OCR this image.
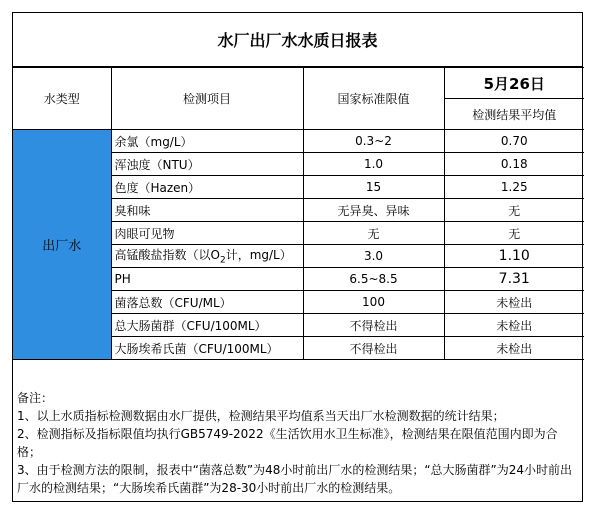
水厂出厂水水质日报表
水类型	检测项目	国家标准限值	5月26日
			检测结果平均值
出厂水	余氯（mg/L）	0.3~2	0.70
	浑浊度（NTU）	1.0	0.18
	色度（Hazen）	15	1.25
	臭和味	无异臭、异味	无
	肉眼可见物	无	无
	高锰酸盐指数（以$O_2$计，mg/L）	3.0	1.10
	PH	6.5~8.5	7.31
	菌落总数（CFU/ML）	100	未检出
	总大肠菌群（CFU/100ML）	不得检出	未检出
	大肠埃希氏菌（CFU/100ML）	不得检出	未检出
备注：
1、以上水质指标检测数据由水厂提供，检测结果平均值系当天出厂水检测数据的统计结果；
2、检测指标及指标限值均执行GB5749-2022《生活饮用水卫生标准》，检测结果在限值范围内即为合格；
3、由于检测方法的限制，报表中“菌落总数”为48小时前出厂水的检测结果；“总大肠菌群”为24小时前出厂水的检测结果；“大肠埃希氏菌群”为28-30小时前出厂水的检测结果。
